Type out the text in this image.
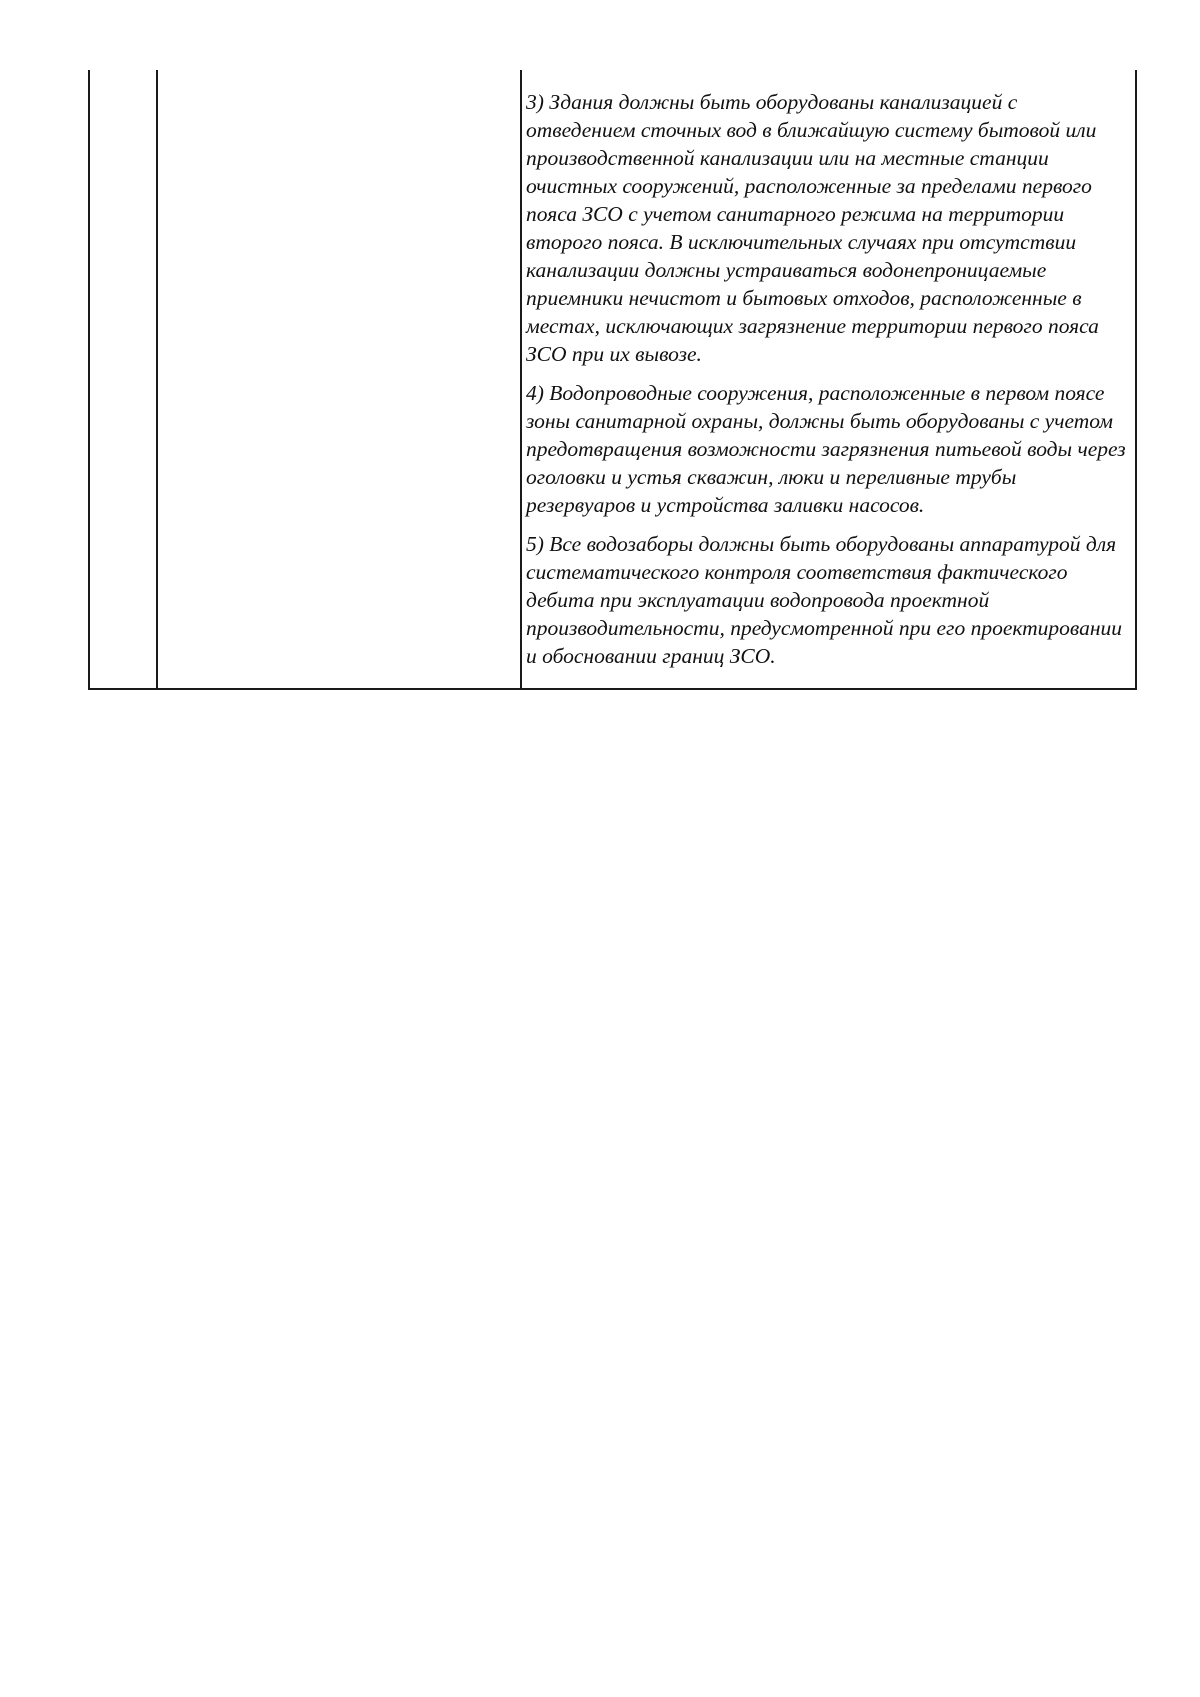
3) Здания должны быть оборудованы канализацией с отведением сточных вод в ближайшую систему бытовой или производственной канализации или на местные станции очистных сооружений, расположенные за пределами первого пояса ЗСО с учетом санитарного режима на территории второго пояса. В исключительных случаях при отсутствии канализации должны устраиваться водонепроницаемые приемники нечистот и бытовых отходов, расположенные в местах, исключающих загрязнение территории первого пояса ЗСО при их вывозе.

4) Водопроводные сооружения, расположенные в первом поясе зоны санитарной охраны, должны быть оборудованы с учетом предотвращения возможности загрязнения питьевой воды через оголовки и устья скважин, люки и переливные трубы резервуаров и устройства заливки насосов.

5) Все водозаборы должны быть оборудованы аппаратурой для систематического контроля соответствия фактического дебита при эксплуатации водопровода проектной производительности, предусмотренной при его проектировании и обосновании границ ЗСО.
